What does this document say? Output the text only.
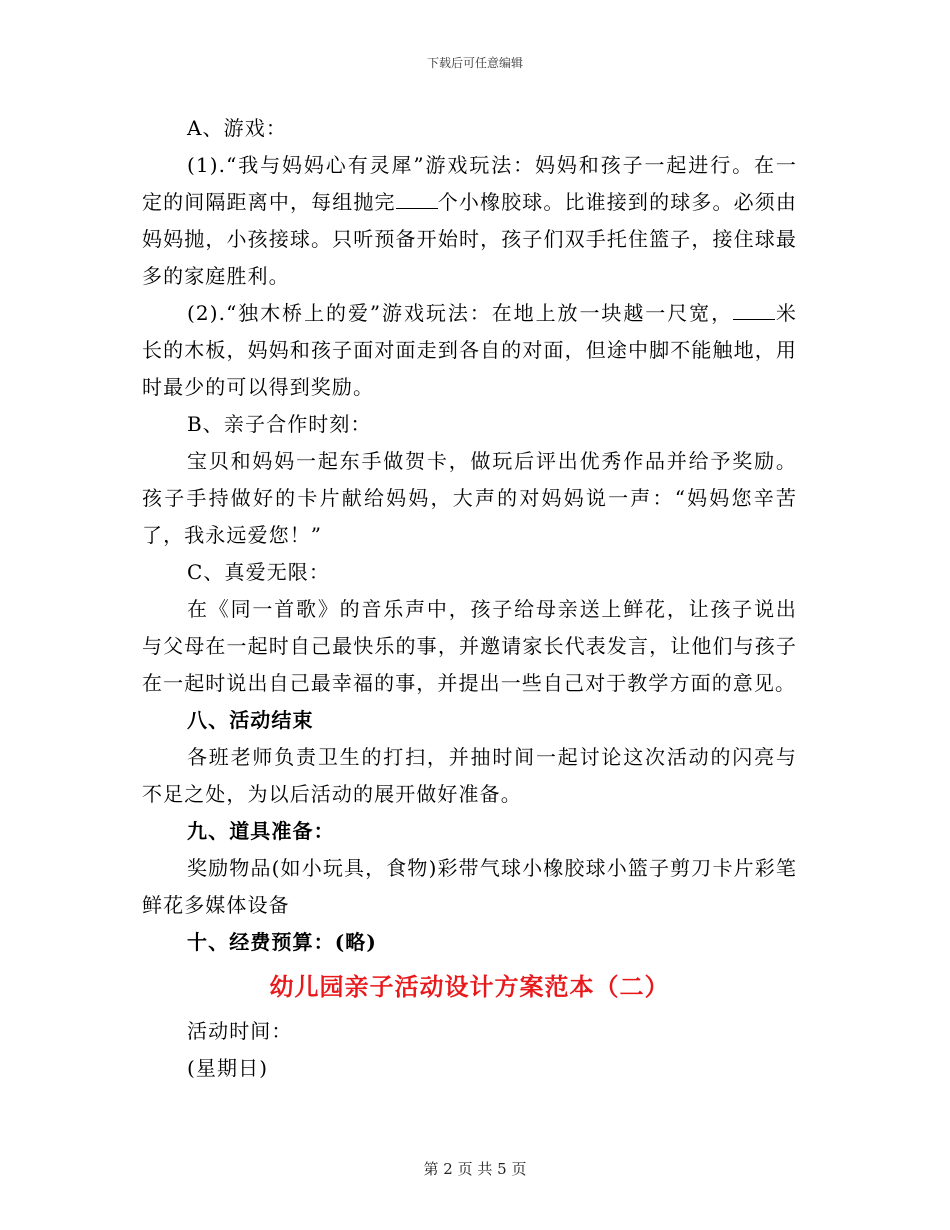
下载后可任意编辑

A、游戏：

(1).“我与妈妈心有灵犀”游戏玩法：妈妈和孩子一起进行。在一定的间隔距离中，每组抛完 个小橡胶球。比谁接到的球多。必须由妈妈抛，小孩接球。只听预备开始时，孩子们双手托住篮子，接住球最多的家庭胜利。

(2).“独木桥上的爱”游戏玩法：在地上放一块越一尺宽， 米长的木板，妈妈和孩子面对面走到各自的对面，但途中脚不能触地，用时最少的可以得到奖励。

B、亲子合作时刻：

宝贝和妈妈一起东手做贺卡，做玩后评出优秀作品并给予奖励。孩子手持做好的卡片献给妈妈，大声的对妈妈说一声：“妈妈您辛苦了，我永远爱您！”

C、真爱无限：

在《同一首歌》的音乐声中，孩子给母亲送上鲜花，让孩子说出与父母在一起时自己最快乐的事，并邀请家长代表发言，让他们与孩子在一起时说出自己最幸福的事，并提出一些自己对于教学方面的意见。

八、活动结束

各班老师负责卫生的打扫，并抽时间一起讨论这次活动的闪亮与不足之处，为以后活动的展开做好准备。

九、道具准备：

奖励物品(如小玩具，食物)彩带气球小橡胶球小篮子剪刀卡片彩笔鲜花多媒体设备

十、经费预算：(略)

幼儿园亲子活动设计方案范本（二）

活动时间：

(星期日)

第 2 页 共 5 页
